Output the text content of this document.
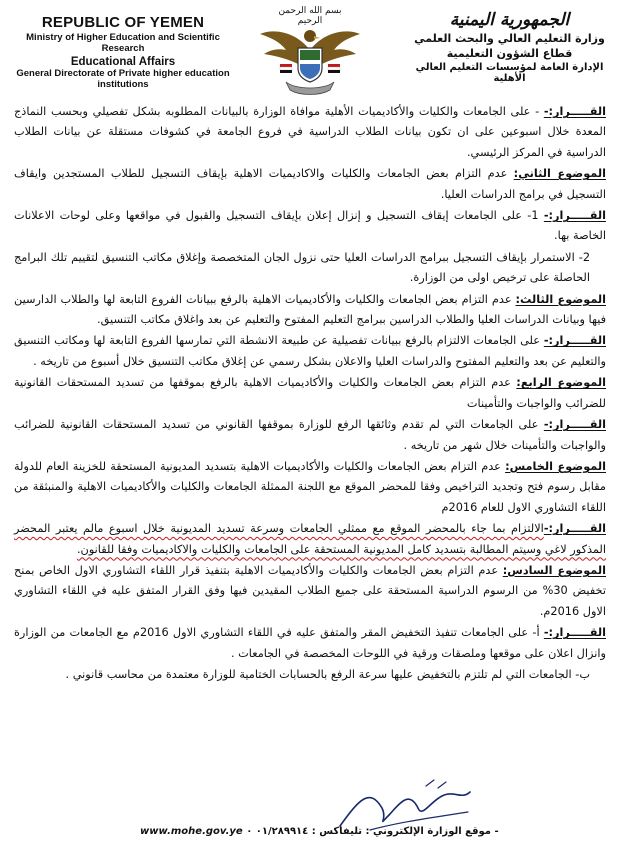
REPUBLIC OF YEMEN
Ministry of Higher Education and Scientific Research
Educational Affairs
General Directorate of Private higher education institutions
بسم الله الرحمن الرحيم	الجمهورية اليمنية
وزارة التعليم العالي والبحث العلمي
قطاع الشؤون التعليمية
الإدارة العامة لمؤسسات التعليم العالي الأهلية

القـــــرار:- - على الجامعات والكليات والأكاديميات الأهلية موافاة الوزارة بالبيانات المطلوبه بشكل تفصيلي وبحسب النماذج المعدة خلال اسبوعين على ان تكون بيانات الطلاب الدراسية في فروع الجامعة في كشوفات مستقلة عن بيانات الطلاب الدراسية في المركز الرئيسي.

الموضوع الثاني: عدم التزام بعض الجامعات والكليات والاكاديميات الاهلية بإيقاف التسجيل للطلاب المستجدين وايقاف التسجيل في برامج الدراسات العليا.

القـــــرار:- 1- على الجامعات إيقاف التسجيل و إنزال إعلان بإيقاف التسجيل والقبول في مواقعها وعلى لوحات الاعلانات الخاصة بها.

2- الاستمرار بإيقاف التسجيل ببرامج الدراسات العليا حتى نزول الجان المتخصصة وإغلاق مكاتب التنسيق لتقييم تلك البرامج الحاصلة على ترخيص اولى من الوزارة.

الموضوع الثالث: عدم التزام بعض الجامعات والكليات والأكاديميات الاهلية بالرفع ببيانات الفروع التابعة لها والطلاب الدارسين فيها وبيانات الدراسات العليا والطلاب الدراسين ببرامج التعليم المفتوح والتعليم عن بعد واغلاق مكاتب التنسيق.

القـــــرار:- على الجامعات الالتزام بالرفع ببيانات تفصيلية عن طبيعة الانشطة التي تمارسها الفروع التابعة لها ومكاتب التنسيق والتعليم عن بعد والتعليم المفتوح والدراسات العليا والاعلان بشكل رسمي عن إغلاق مكاتب التنسيق خلال أسبوع من تاريخه .

الموضوع الرابع: عدم التزام بعض الجامعات والكليات والأكاديميات الاهلية بالرفع بموقفها من تسديد المستحقات القانونية للضرائب والواجبات والتأمينات

القـــــرار:- على الجامعات التي لم تقدم وثائقها الرفع للوزارة بموقفها القانوني من تسديد المستحقات القانونية للضرائب والواجبات والتأمينات خلال شهر من تاريخه .

الموضوع الخامس: عدم التزام بعض الجامعات والكليات والأكاديميات الاهلية بتسديد المديونية المستحقة للخزينة العام للدولة مقابل رسوم فتح وتجديد التراخيص وفقا للمحضر الموقع مع اللجنة الممثلة الجامعات والكليات والأكاديميات الاهلية والمنبثقة من اللقاء التشاوري الاول للعام 2016م

القـــــرار:-الالتزام بما جاء بالمحضر الموقع مع ممثلي الجامعات وسرعة تسديد المديونية خلال اسبوع مالم يعتبر المحضر المذكور لاغي وسيتم المطالبة بتسديد كامل المديونية المستحقة على الجامعات والكليات والاكاديميات وفقا للقانون.

الموضوع السادس: عدم التزام بعض الجامعات والكليات والأكاديميات الاهلية بتنفيذ قرار اللقاء التشاوري الاول الخاص بمنح تخفيض 30% من الرسوم الدراسية المستحقة على جميع الطلاب المقيدين فيها وفق القرار المتفق عليه في اللقاء التشاوري الاول 2016م.

القـــــرار:- أ- على الجامعات تنفيذ التخفيض المقر والمتفق عليه في اللقاء التشاوري الاول 2016م مع الجامعات من الوزارة وانزال اعلان على موقعها وملصقات ورقية في اللوحات المخصصة في الجامعات .

ب- الجامعات التي لم تلتزم بالتخفيض عليها سرعة الرفع بالحسابات الختامية للوزارة معتمدة من محاسب قانوني .

www.mohe.gov.ye	- موقع الوزارة الإلكتروني : تليفاكس : ٠١/٢٨٩٩١٤ ٠
